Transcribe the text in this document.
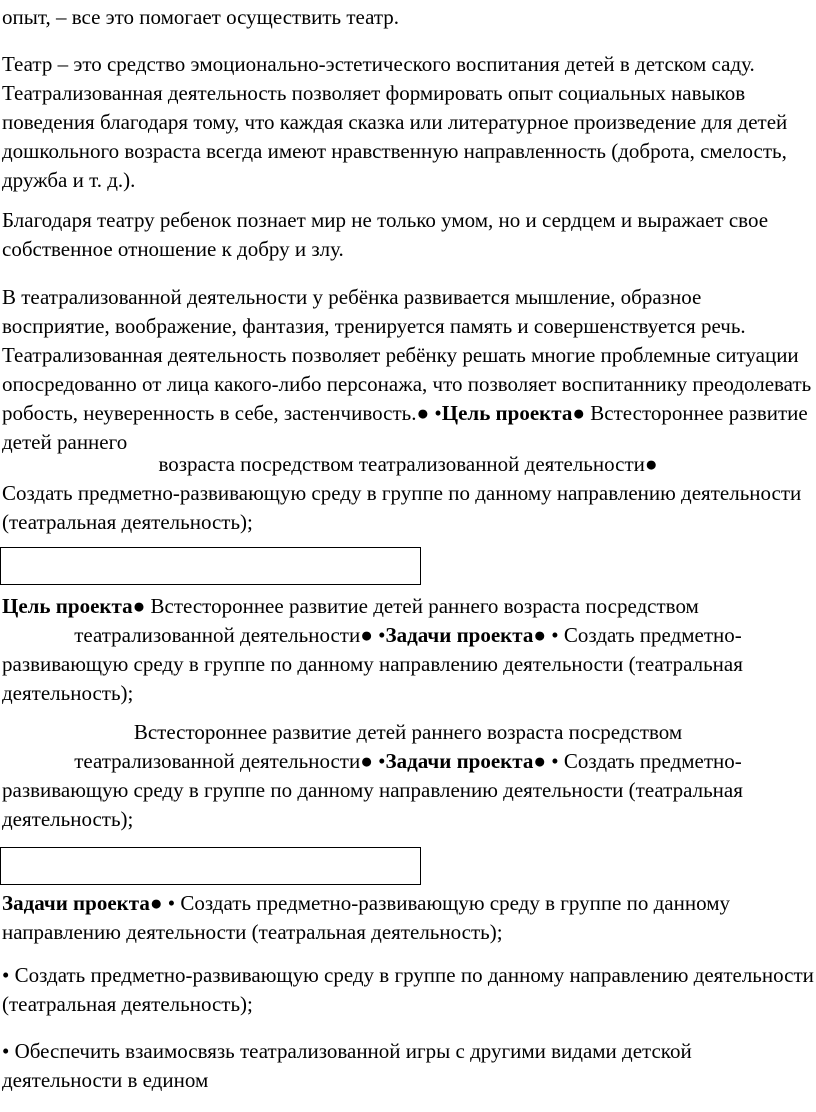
опыт, – все это помогает осуществить театр.

Театр – это средство эмоционально-эстетического воспитания детей в детском саду. Театрализованная деятельность позволяет формировать опыт социальных навыков поведения благодаря тому, что каждая сказка или литературное произведение для детей дошкольного возраста всегда имеют нравственную направленность (доброта, смелость, дружба и т. д.).

Благодаря театру ребенок познает мир не только умом, но и сердцем и выражает свое собственное отношение к добру и злу.

В театрализованной деятельности у ребёнка развивается мышление, образное восприятие, воображение, фантазия, тренируется память и совершенствуется речь. Театрализованная деятельность позволяет ребёнку решать многие проблемные ситуации опосредованно от лица какого-либо персонажа, что позволяет воспитаннику преодолевать робость, неуверенность в себе, застенчивость.● •Цель проекта● Встестороннее развитие детей раннего

возраста посредством театрализованной деятельности●

Создать предметно-развивающую среду в группе по данному направлению деятельности (театральная деятельность);

Цель проекта● Встестороннее развитие детей раннего возраста посредством

театрализованной деятельности● •Задачи проекта● • Создать предметно-

развивающую среду в группе по данному направлению деятельности (театральная деятельность);

Встестороннее развитие детей раннего возраста посредством

театрализованной деятельности● •Задачи проекта● • Создать предметно-

развивающую среду в группе по данному направлению деятельности (театральная деятельность);

Задачи проекта● • Создать предметно-развивающую среду в группе по данному направлению деятельности (театральная деятельность);

• Создать предметно-развивающую среду в группе по данному направлению деятельности (театральная деятельность);

• Обеспечить взаимосвязь театрализованной игры с другими видами детской деятельности в едином
